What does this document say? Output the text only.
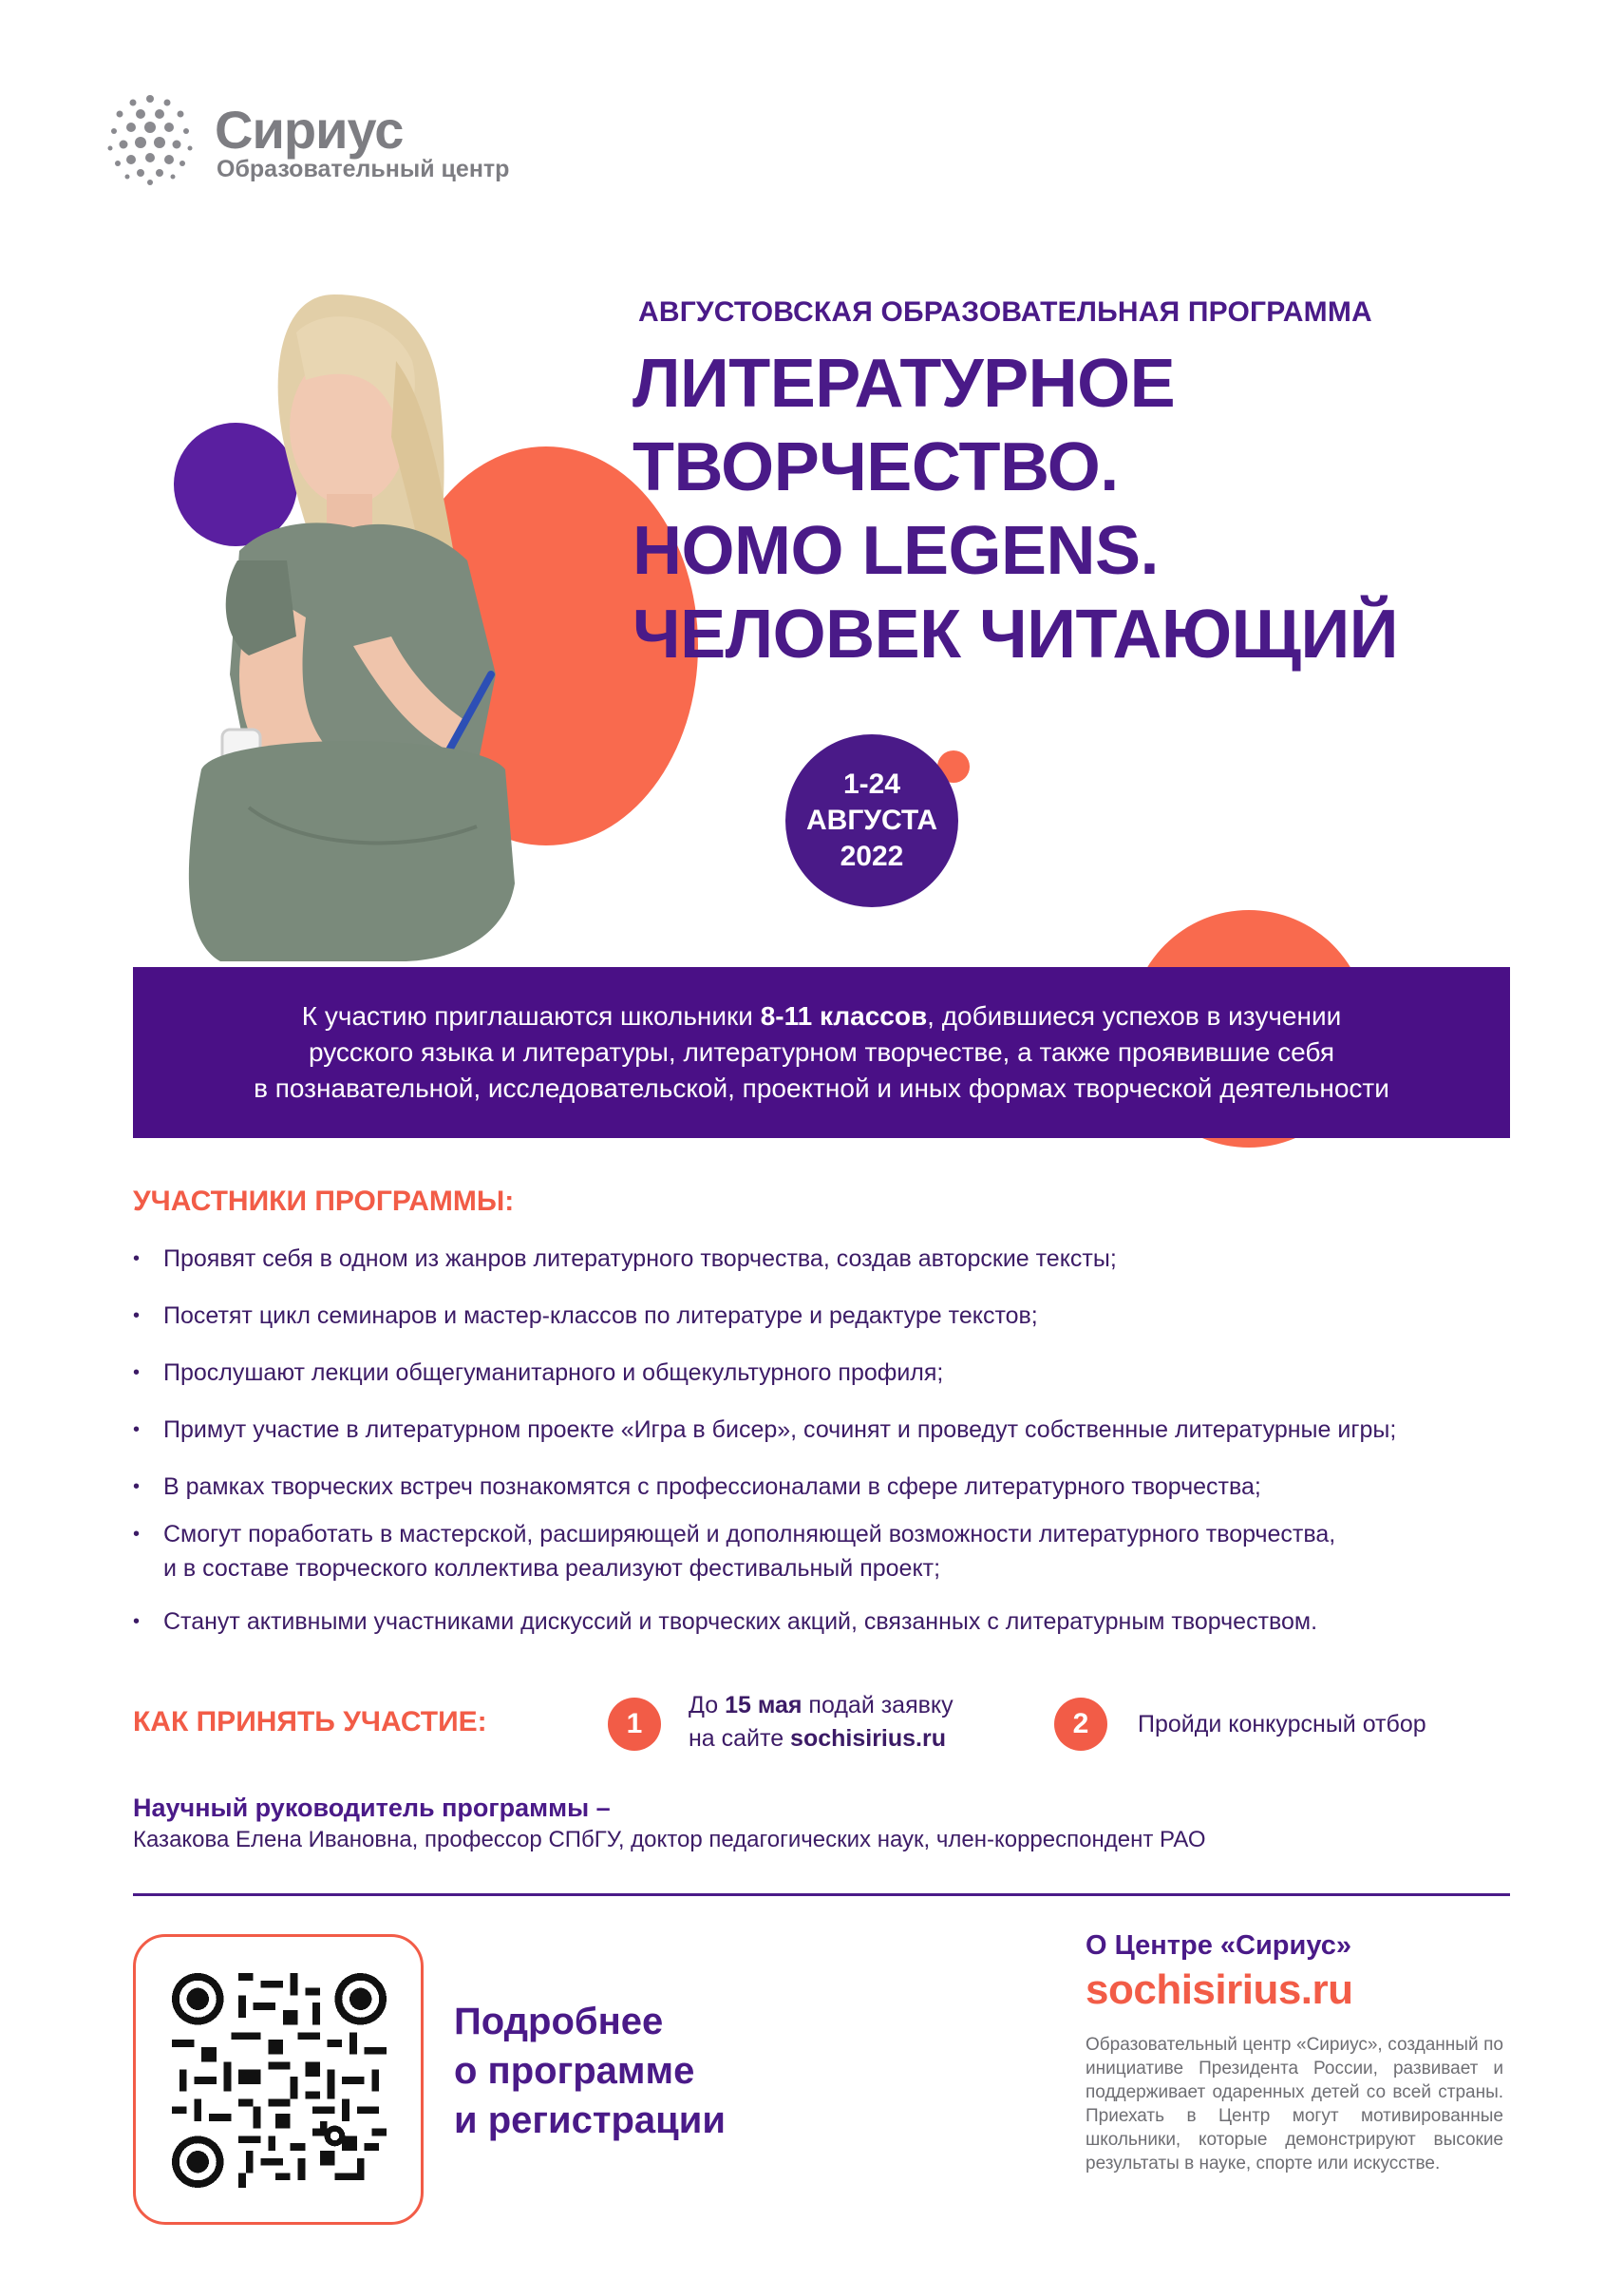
Сириус
Образовательный центр
АВГУСТОВСКАЯ ОБРАЗОВАТЕЛЬНАЯ ПРОГРАММА
ЛИТЕРАТУРНОЕ
ТВОРЧЕСТВО.
HOMO LEGENS.
ЧЕЛОВЕК ЧИТАЮЩИЙ
1-24
АВГУСТА
2022
К участию приглашаются школьники 8-11 классов, добившиеся успехов в изучении
русского языка и литературы, литературном творчестве, а также проявившие себя
в познавательной, исследовательской, проектной и иных формах творческой деятельности
УЧАСТНИКИ ПРОГРАММЫ:
• Проявят себя в одном из жанров литературного творчества, создав авторские тексты;
• Посетят цикл семинаров и мастер-классов по литературе и редактуре текстов;
• Прослушают лекции общегуманитарного и общекультурного профиля;
• Примут участие в литературном проекте «Игра в бисер», сочинят и проведут собственные литературные игры;
• В рамках творческих встреч познакомятся с профессионалами в сфере литературного творчества;
• Смогут поработать в мастерской, расширяющей и дополняющей возможности литературного творчества,
и в составе творческого коллектива реализуют фестивальный проект;
• Станут активными участниками дискуссий и творческих акций, связанных с литературным творчеством.
КАК ПРИНЯТЬ УЧАСТИЕ:	1
До 15 мая подай заявку
на сайте sochisirius.ru	2	Пройди конкурсный отбор
Научный руководитель программы –
Казакова Елена Ивановна, профессор СПбГУ, доктор педагогических наук, член-корреспондент РАО
Подробнее
о программе
и регистрации
О Центре «Сириус»
sochisirius.ru
Образовательный центр «Сириус», созданный по инициативе Президента России, развивает и поддерживает одаренных детей со всей страны. Приехать в Центр могут мотивированные школьники, которые демонстрируют высокие результаты в науке, спорте или искусстве.
